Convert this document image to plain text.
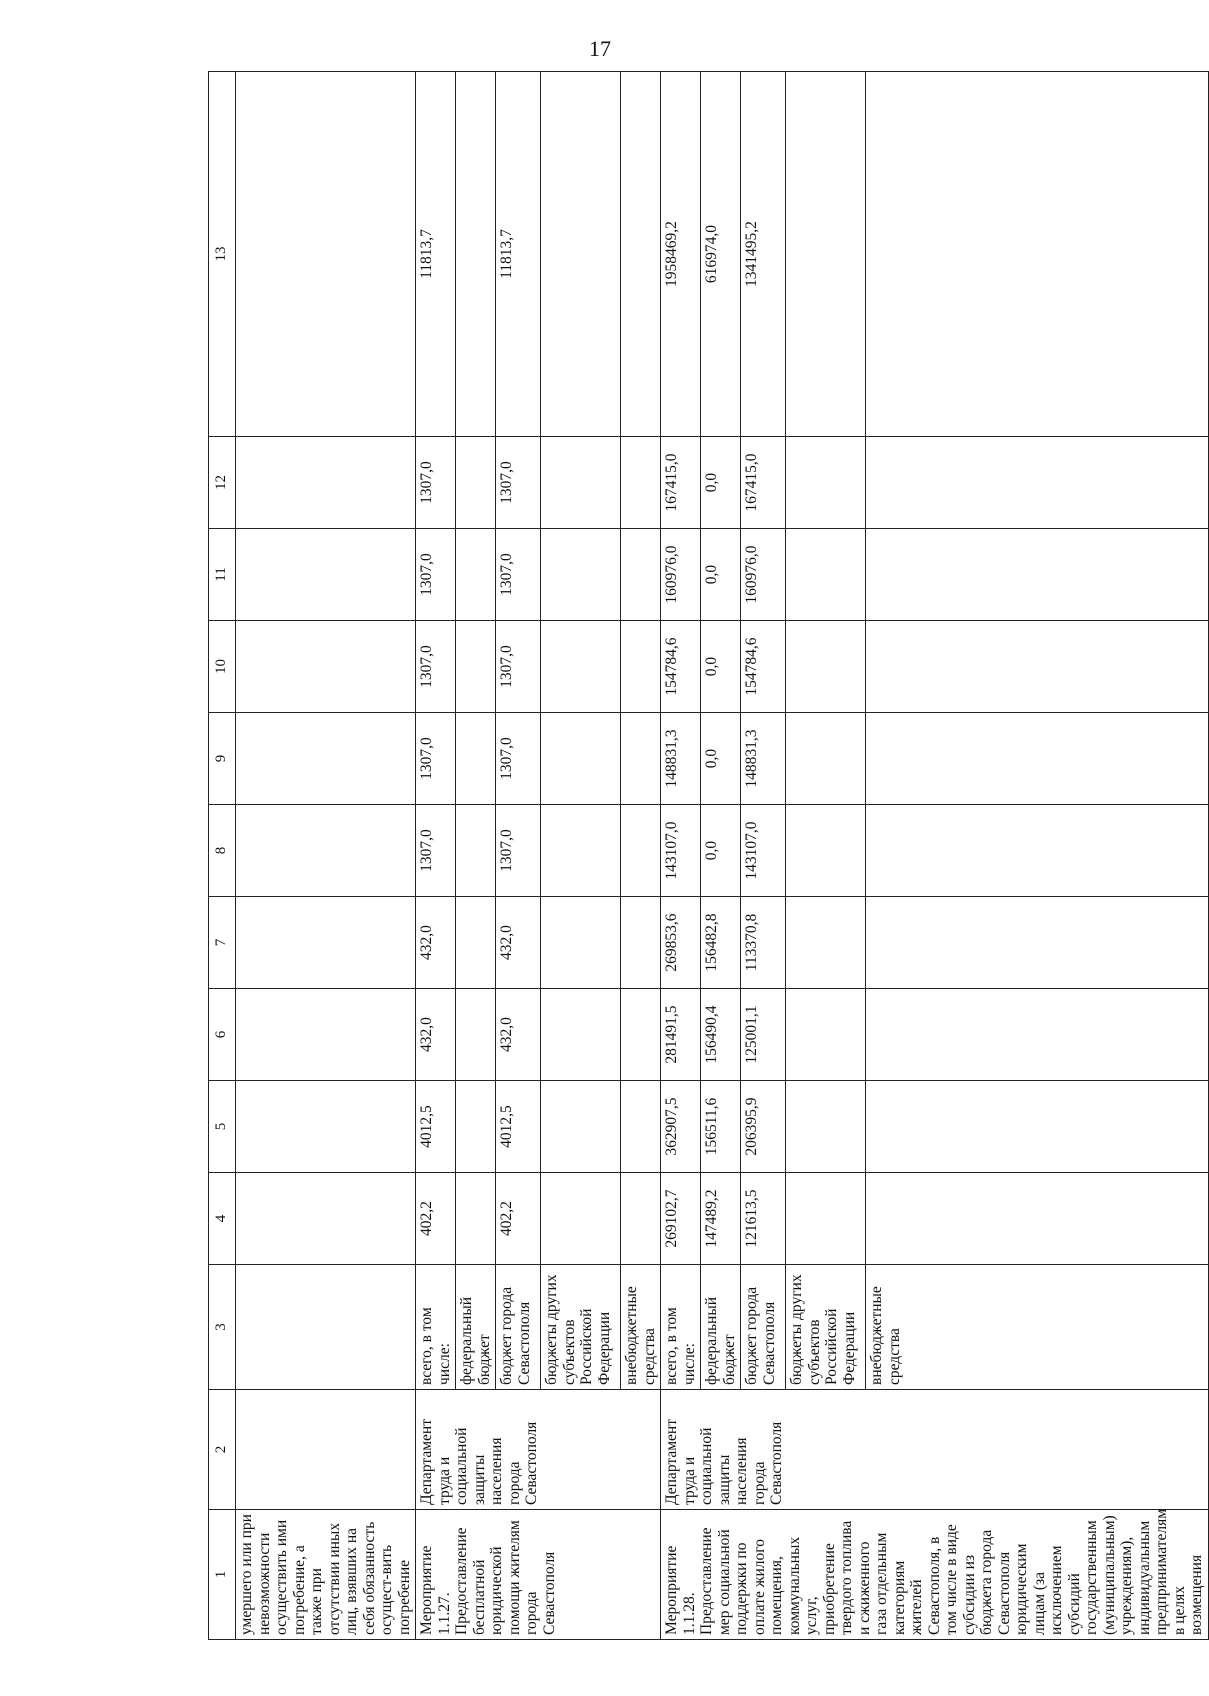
17
1	2	3	4	5	6	7	8	9	10	11	12	13
умершего или при невозможности осуществить ими погребение, а также при отсутствии иных лиц, взявших на себя обязанность осущест-вить погребение												
Мероприятие 1.1.27. Предоставление бесплатной юридической помощи жителям города Севастополя	Департамент труда и социальной защиты населения города Севастополя	всего, в том числе:	402,2	4012,5	432,0	432,0	1307,0	1307,0	1307,0	1307,0	1307,0	11813,7
		федеральный бюджет										
		бюджет города Севастополя	402,2	4012,5	432,0	432,0	1307,0	1307,0	1307,0	1307,0	1307,0	11813,7
		бюджеты других субъектов Российской Федерации										
		внебюджетные средства										
Мероприятие 1.1.28. Предоставление мер социальной поддержки по оплате жилого помещения, коммунальных услуг, приобретение твердого топлива и сжиженного газа отдельным категориям жителей Севастополя, в том числе в виде субсидии из бюджета города Севастополя юридическим лицам (за исключением субсидий государственным (муниципальным) учреждениям), индивидуальным предпринимателям в целях возмещения	Департамент труда и социальной защиты населения города Севастополя	всего, в том числе:	269102,7	362907,5	281491,5	269853,6	143107,0	148831,3	154784,6	160976,0	167415,0	1958469,2
		федеральный бюджет	147489,2	156511,6	156490,4	156482,8	0,0	0,0	0,0	0,0	0,0	616974,0
		бюджет города Севастополя	121613,5	206395,9	125001,1	113370,8	143107,0	148831,3	154784,6	160976,0	167415,0	1341495,2
		бюджеты других субъектов Российской Федерации										
		внебюджетные средства										
